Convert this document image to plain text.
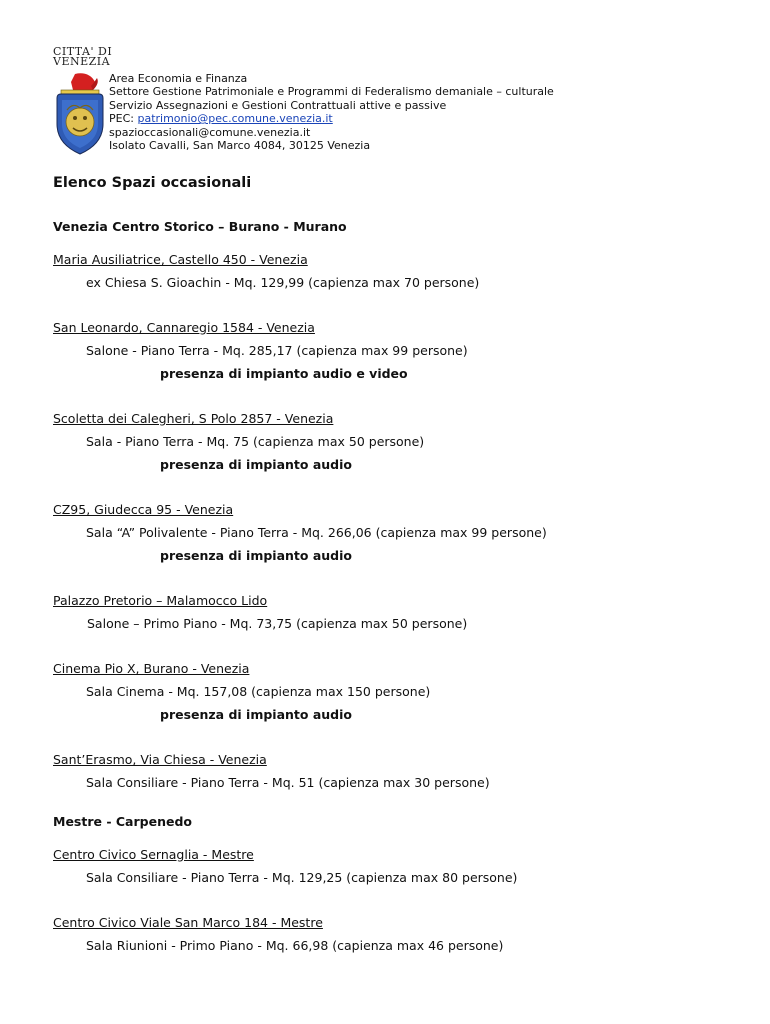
CITTA' DI
VENEZIA
Area Economia e Finanza
Settore Gestione Patrimoniale e Programmi di Federalismo demaniale – culturale
Servizio Assegnazioni e Gestioni Contrattuali attive e passive
PEC: patrimonio@pec.comune.venezia.it
spazioccasionali@comune.venezia.it
Isolato Cavalli, San Marco 4084, 30125 Venezia
Elenco Spazi occasionali
Venezia Centro Storico – Burano - Murano
Maria Ausiliatrice, Castello 450 - Venezia
ex Chiesa S. Gioachin - Mq. 129,99 (capienza max 70 persone)
San Leonardo, Cannaregio 1584 - Venezia
Salone - Piano Terra - Mq. 285,17 (capienza max 99 persone)
presenza di impianto audio e video
Scoletta dei Calegheri, S Polo 2857 - Venezia
Sala - Piano Terra - Mq. 75 (capienza max 50 persone)
presenza di impianto audio
CZ95, Giudecca 95 - Venezia
Sala “A” Polivalente - Piano Terra - Mq. 266,06 (capienza max 99 persone)
presenza di impianto audio
Palazzo Pretorio – Malamocco Lido
Salone – Primo Piano - Mq. 73,75 (capienza max 50 persone)
Cinema Pio X, Burano - Venezia
Sala Cinema - Mq. 157,08 (capienza max 150 persone)
presenza di impianto audio
Sant’Erasmo, Via Chiesa - Venezia
Sala Consiliare - Piano Terra - Mq. 51 (capienza max 30 persone)
Mestre - Carpenedo
Centro Civico Sernaglia - Mestre
Sala Consiliare - Piano Terra - Mq. 129,25 (capienza max 80 persone)
Centro Civico Viale San Marco 184 - Mestre
Sala Riunioni - Primo Piano - Mq. 66,98 (capienza max 46 persone)
